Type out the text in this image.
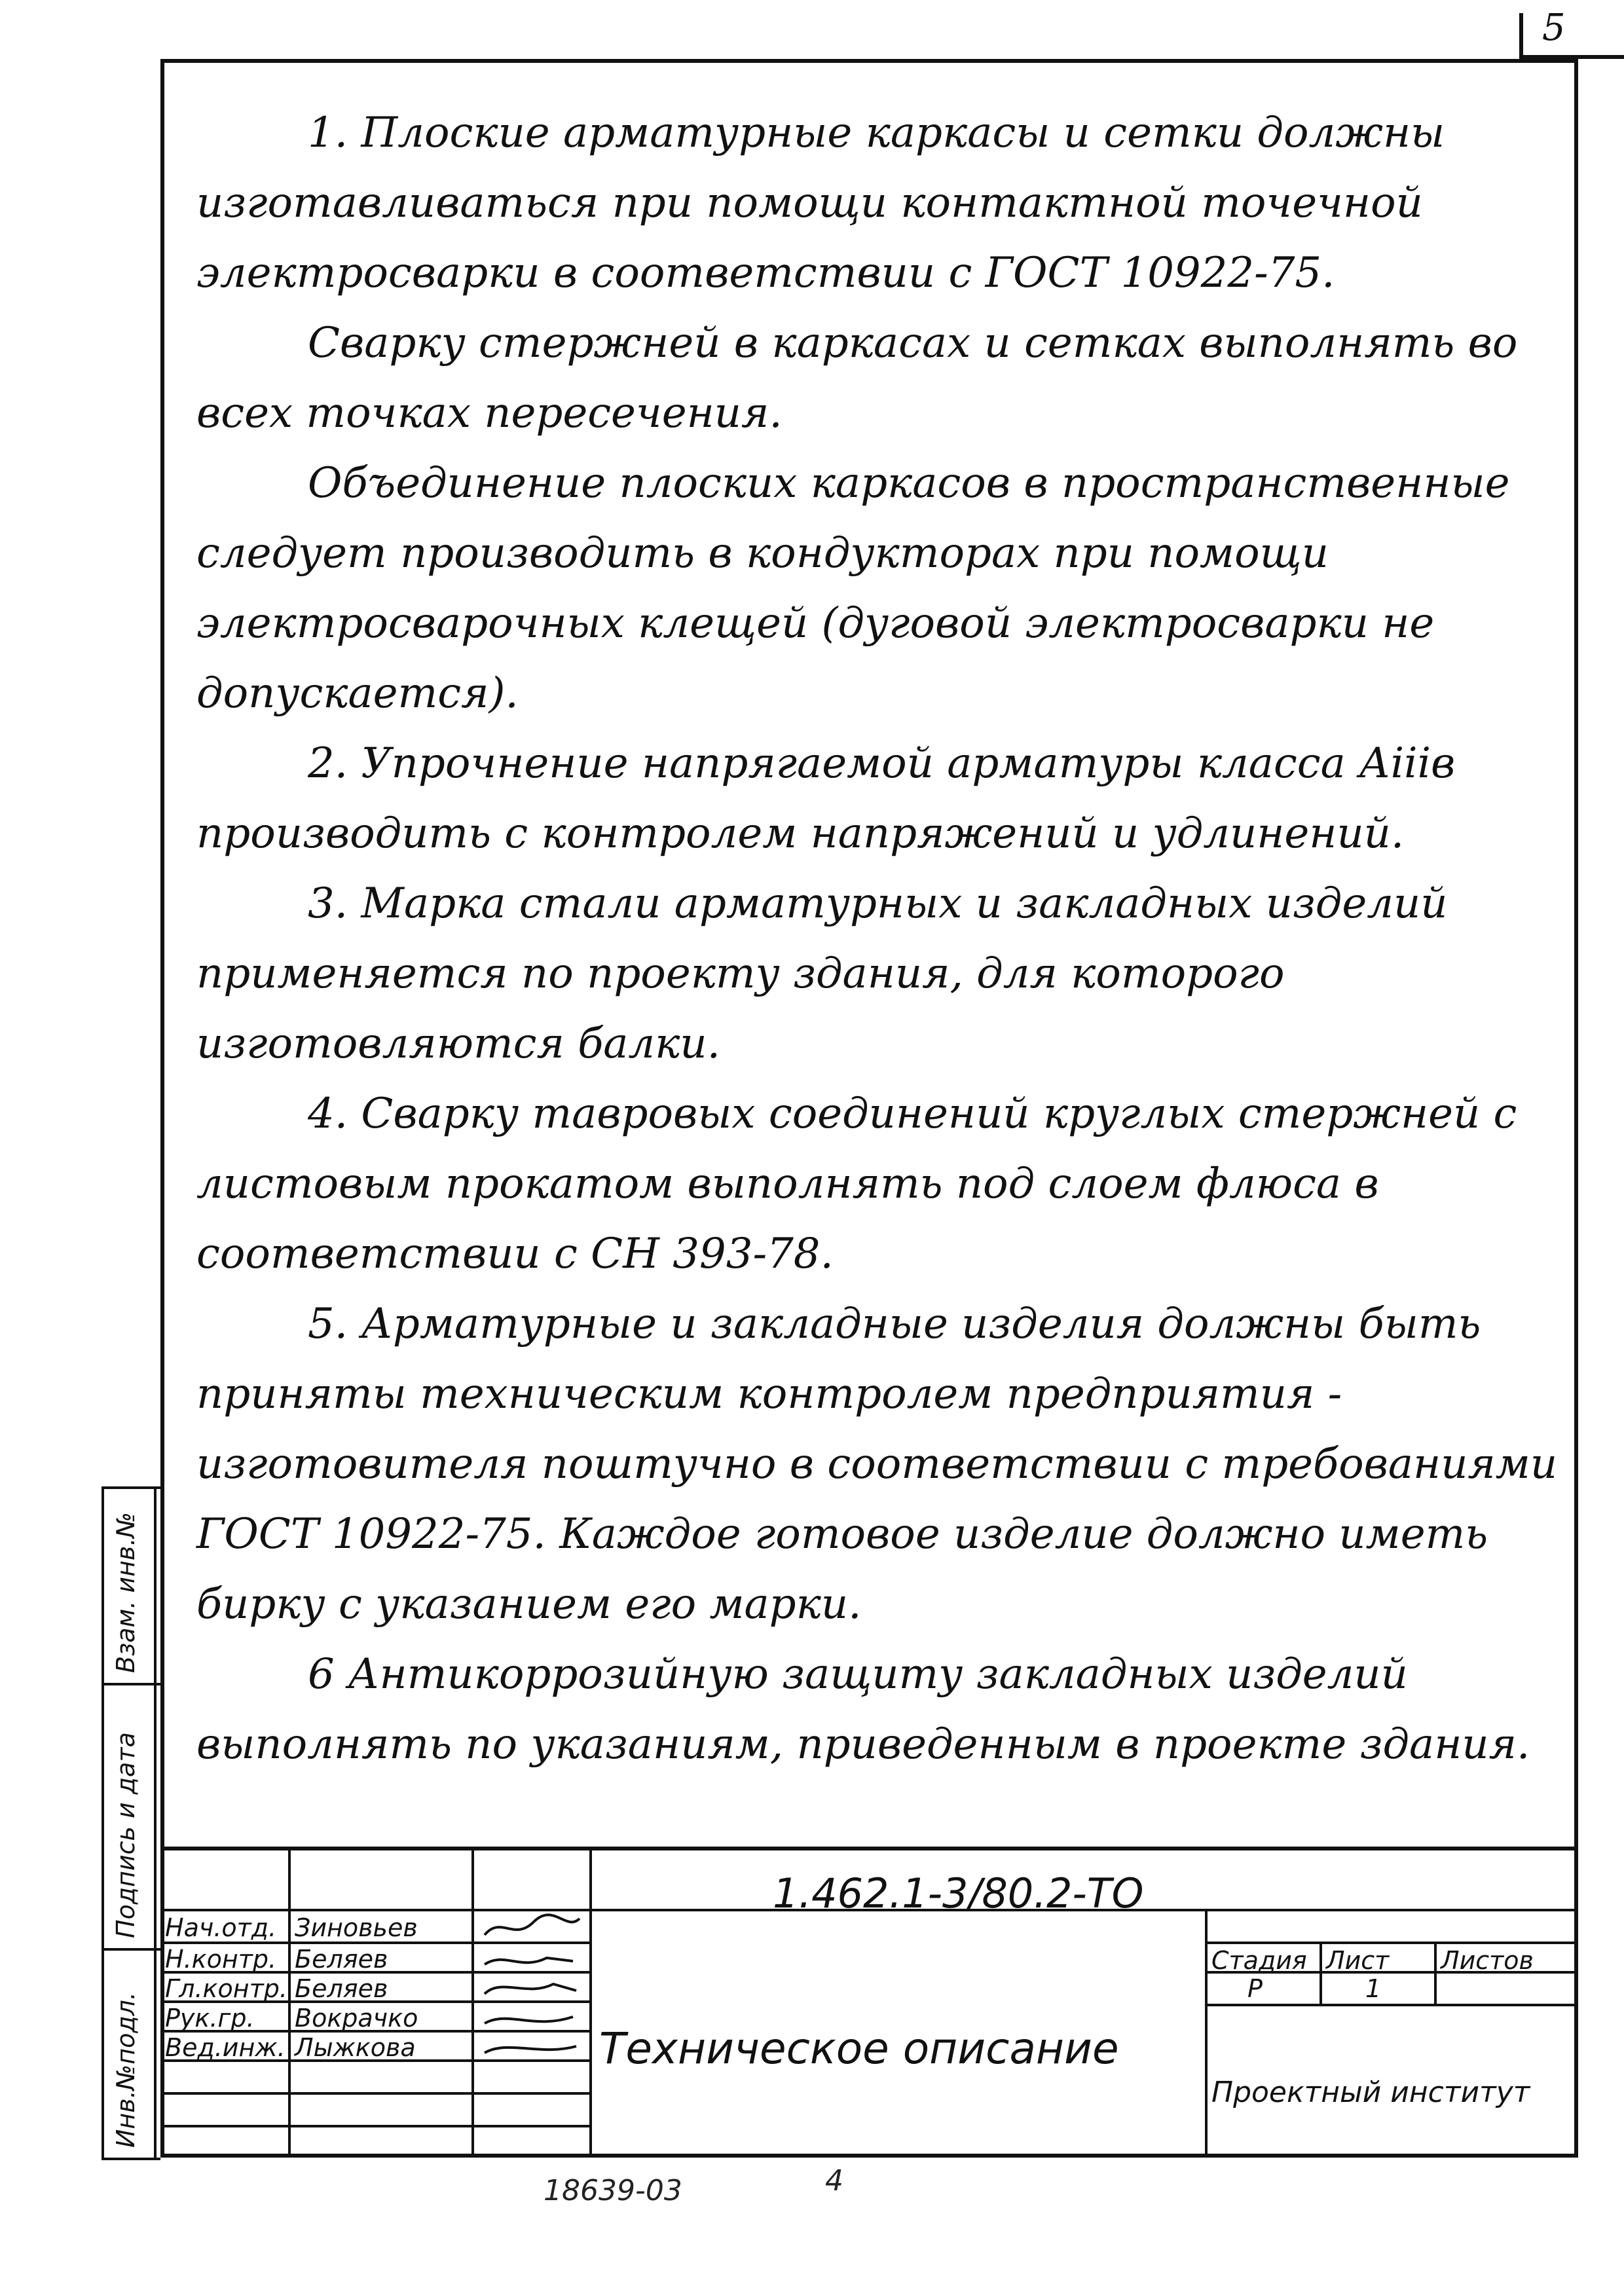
5

1. Плоские арматурные каркасы и сетки должны изготавливаться при помощи контактной точечной электросварки в соответствии с ГОСТ 10922-75.

Сварку стержней в каркасах и сетках выполнять во всех точках пересечения.

Объединение плоских каркасов в пространственные следует производить в кондукторах при помощи электросварочных клещей (дуговой электросварки не допускается).

2. Упрочнение напрягаемой арматуры класса Аⅲв производить с контролем напряжений и удлинений.

3. Марка стали арматурных и закладных изделий применяется по проекту здания, для которого изготовляются балки.

4. Сварку тавровых соединений круглых стержней с листовым прокатом выполнять под слоем флюса в соответствии с СН 393-78.

5. Арматурные и закладные изделия должны быть приняты техническим контролем предприятия - изготовителя поштучно в соответствии с требованиями ГОСТ 10922-75. Каждое готовое изделие должно иметь бирку с указанием его марки.

6 Антикоррозийную защиту закладных изделий выполнять по указаниям, приведенным в проекте здания.

1.462.1-3/80.2-ТО
Техническое описание
Нач.отд. Зиновьев
Н.контр. Беляев
Гл.контр. Беляев
Рук.гр. Вокрачко
Вед.инж. Лыжкова
Стадия Лист Листов
Р	1
Проектный институт
Взам. инв.№
Подпись и дата
Инв.№подл.
18639-03	4
